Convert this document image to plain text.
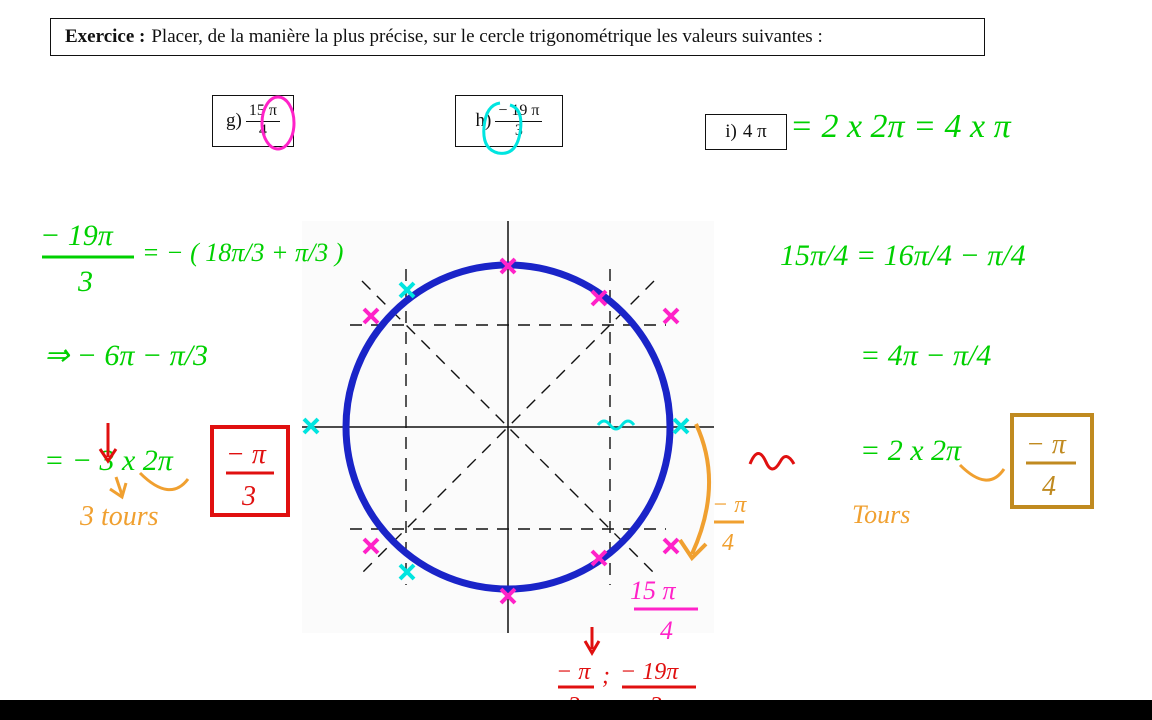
Exercice : Placer, de la manière la plus précise, sur le cercle trigonométrique les valeurs suivantes :
$g) \frac{15 \pi}{4}$	$h) \frac{- 19 \pi}{3}$	i) 4 π = 2 x 2π = 4 x π
− 19π
3
= − ( 18π/3 + π/3 )
⇒ − 6π − π/3
= − 3 x 2π
3 tours
− π
3
15π/4 = 16π/4 − π/4
= 4π − π/4
= 2 x 2π
Tours
− π
4
− π
4
15 π
4
− π ; − 19π
